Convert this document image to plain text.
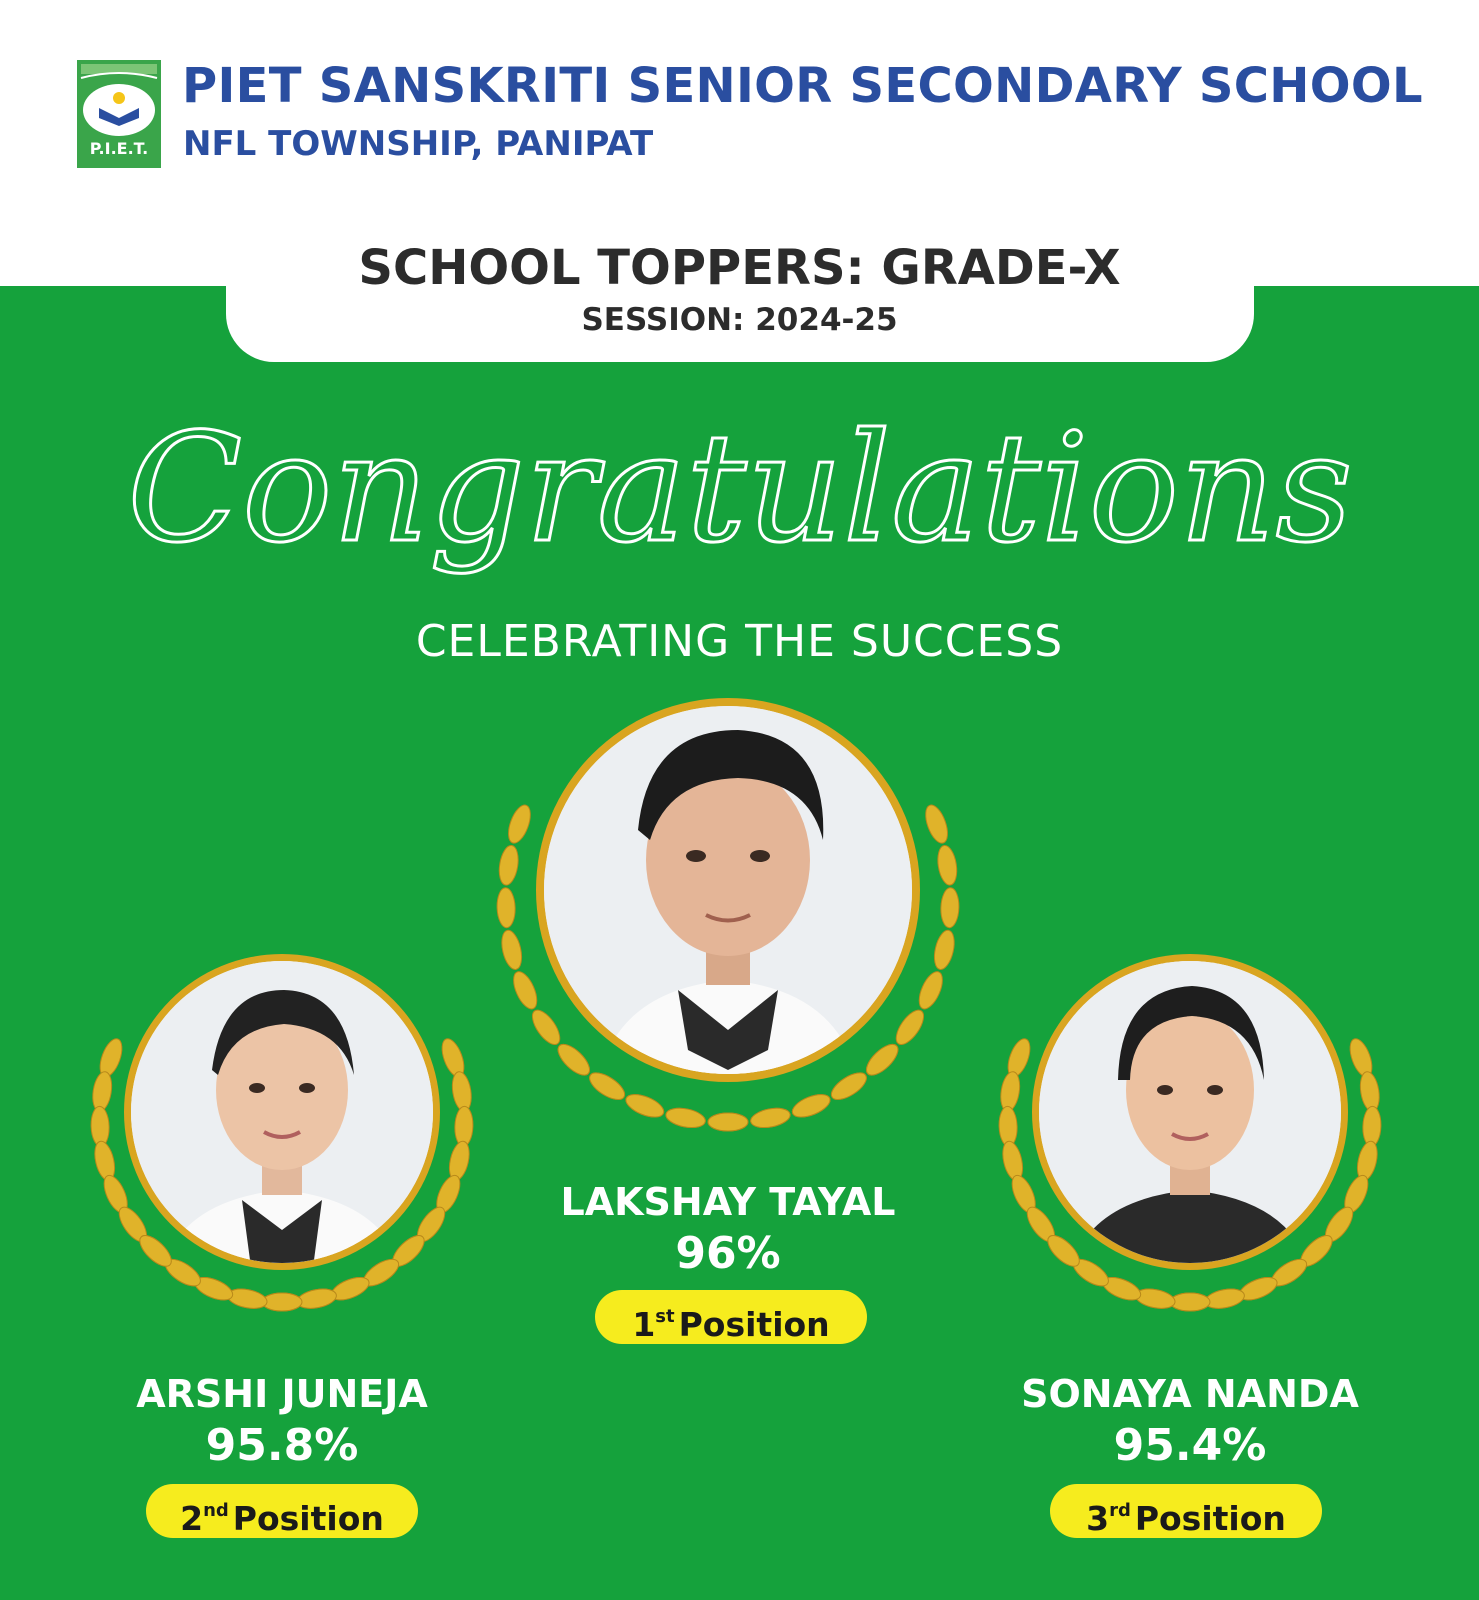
P.I.E.T.
PIET SANSKRITI SENIOR SECONDARY SCHOOL
NFL TOWNSHIP, PANIPAT
SCHOOL TOPPERS: GRADE-X
SESSION: 2024-25
Congratulations
CELEBRATING THE SUCCESS
LAKSHAY TAYAL
96%
1st Position
ARSHI JUNEJA
95.8%
2nd Position
SONAYA NANDA
95.4%
3rd Position
